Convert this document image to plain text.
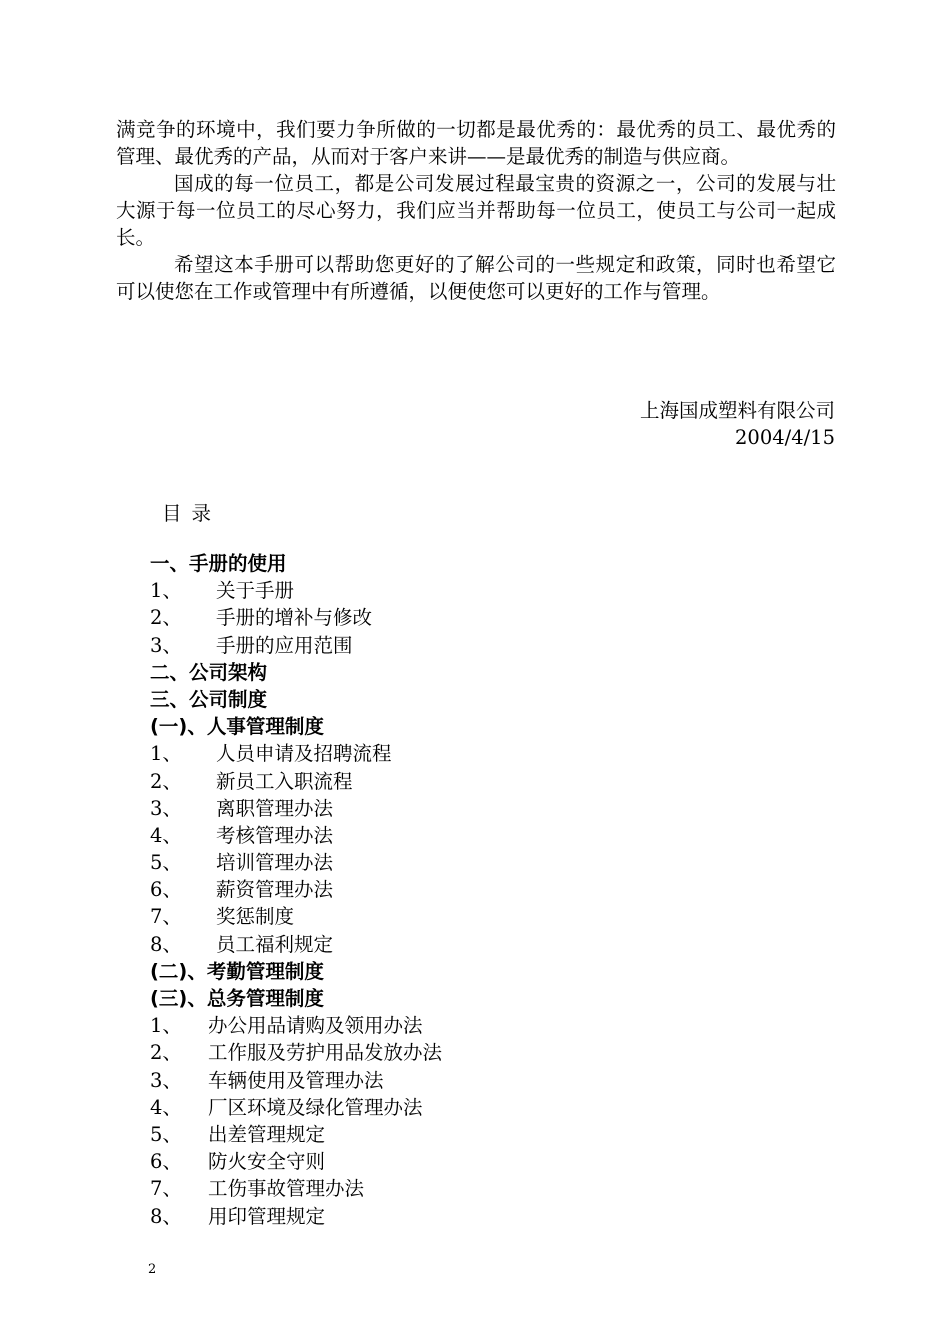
满竞争的环境中，我们要力争所做的一切都是最优秀的：最优秀的员工、最优秀的管理、最优秀的产品，从而对于客户来讲——是最优秀的制造与供应商。

国成的每一位员工，都是公司发展过程最宝贵的资源之一，公司的发展与壮大源于每一位员工的尽心努力，我们应当并帮助每一位员工，使员工与公司一起成长。

希望这本手册可以帮助您更好的了解公司的一些规定和政策，同时也希望它可以使您在工作或管理中有所遵循，以便使您可以更好的工作与管理。

上海国成塑料有限公司
2004/4/15
目录
一、手册的使用
1、	关于手册
2、	手册的增补与修改
3、	手册的应用范围
二、公司架构
三、公司制度
(一)、人事管理制度
1、	人员申请及招聘流程
2、	新员工入职流程
3、	离职管理办法
4、	考核管理办法
5、	培训管理办法
6、	薪资管理办法
7、	奖惩制度
8、	员工福利规定
(二)、考勤管理制度
(三)、总务管理制度
1、	办公用品请购及领用办法
2、	工作服及劳护用品发放办法
3、	车辆使用及管理办法
4、	厂区环境及绿化管理办法
5、	出差管理规定
6、	防火安全守则
7、	工伤事故管理办法
8、	用印管理规定
2
